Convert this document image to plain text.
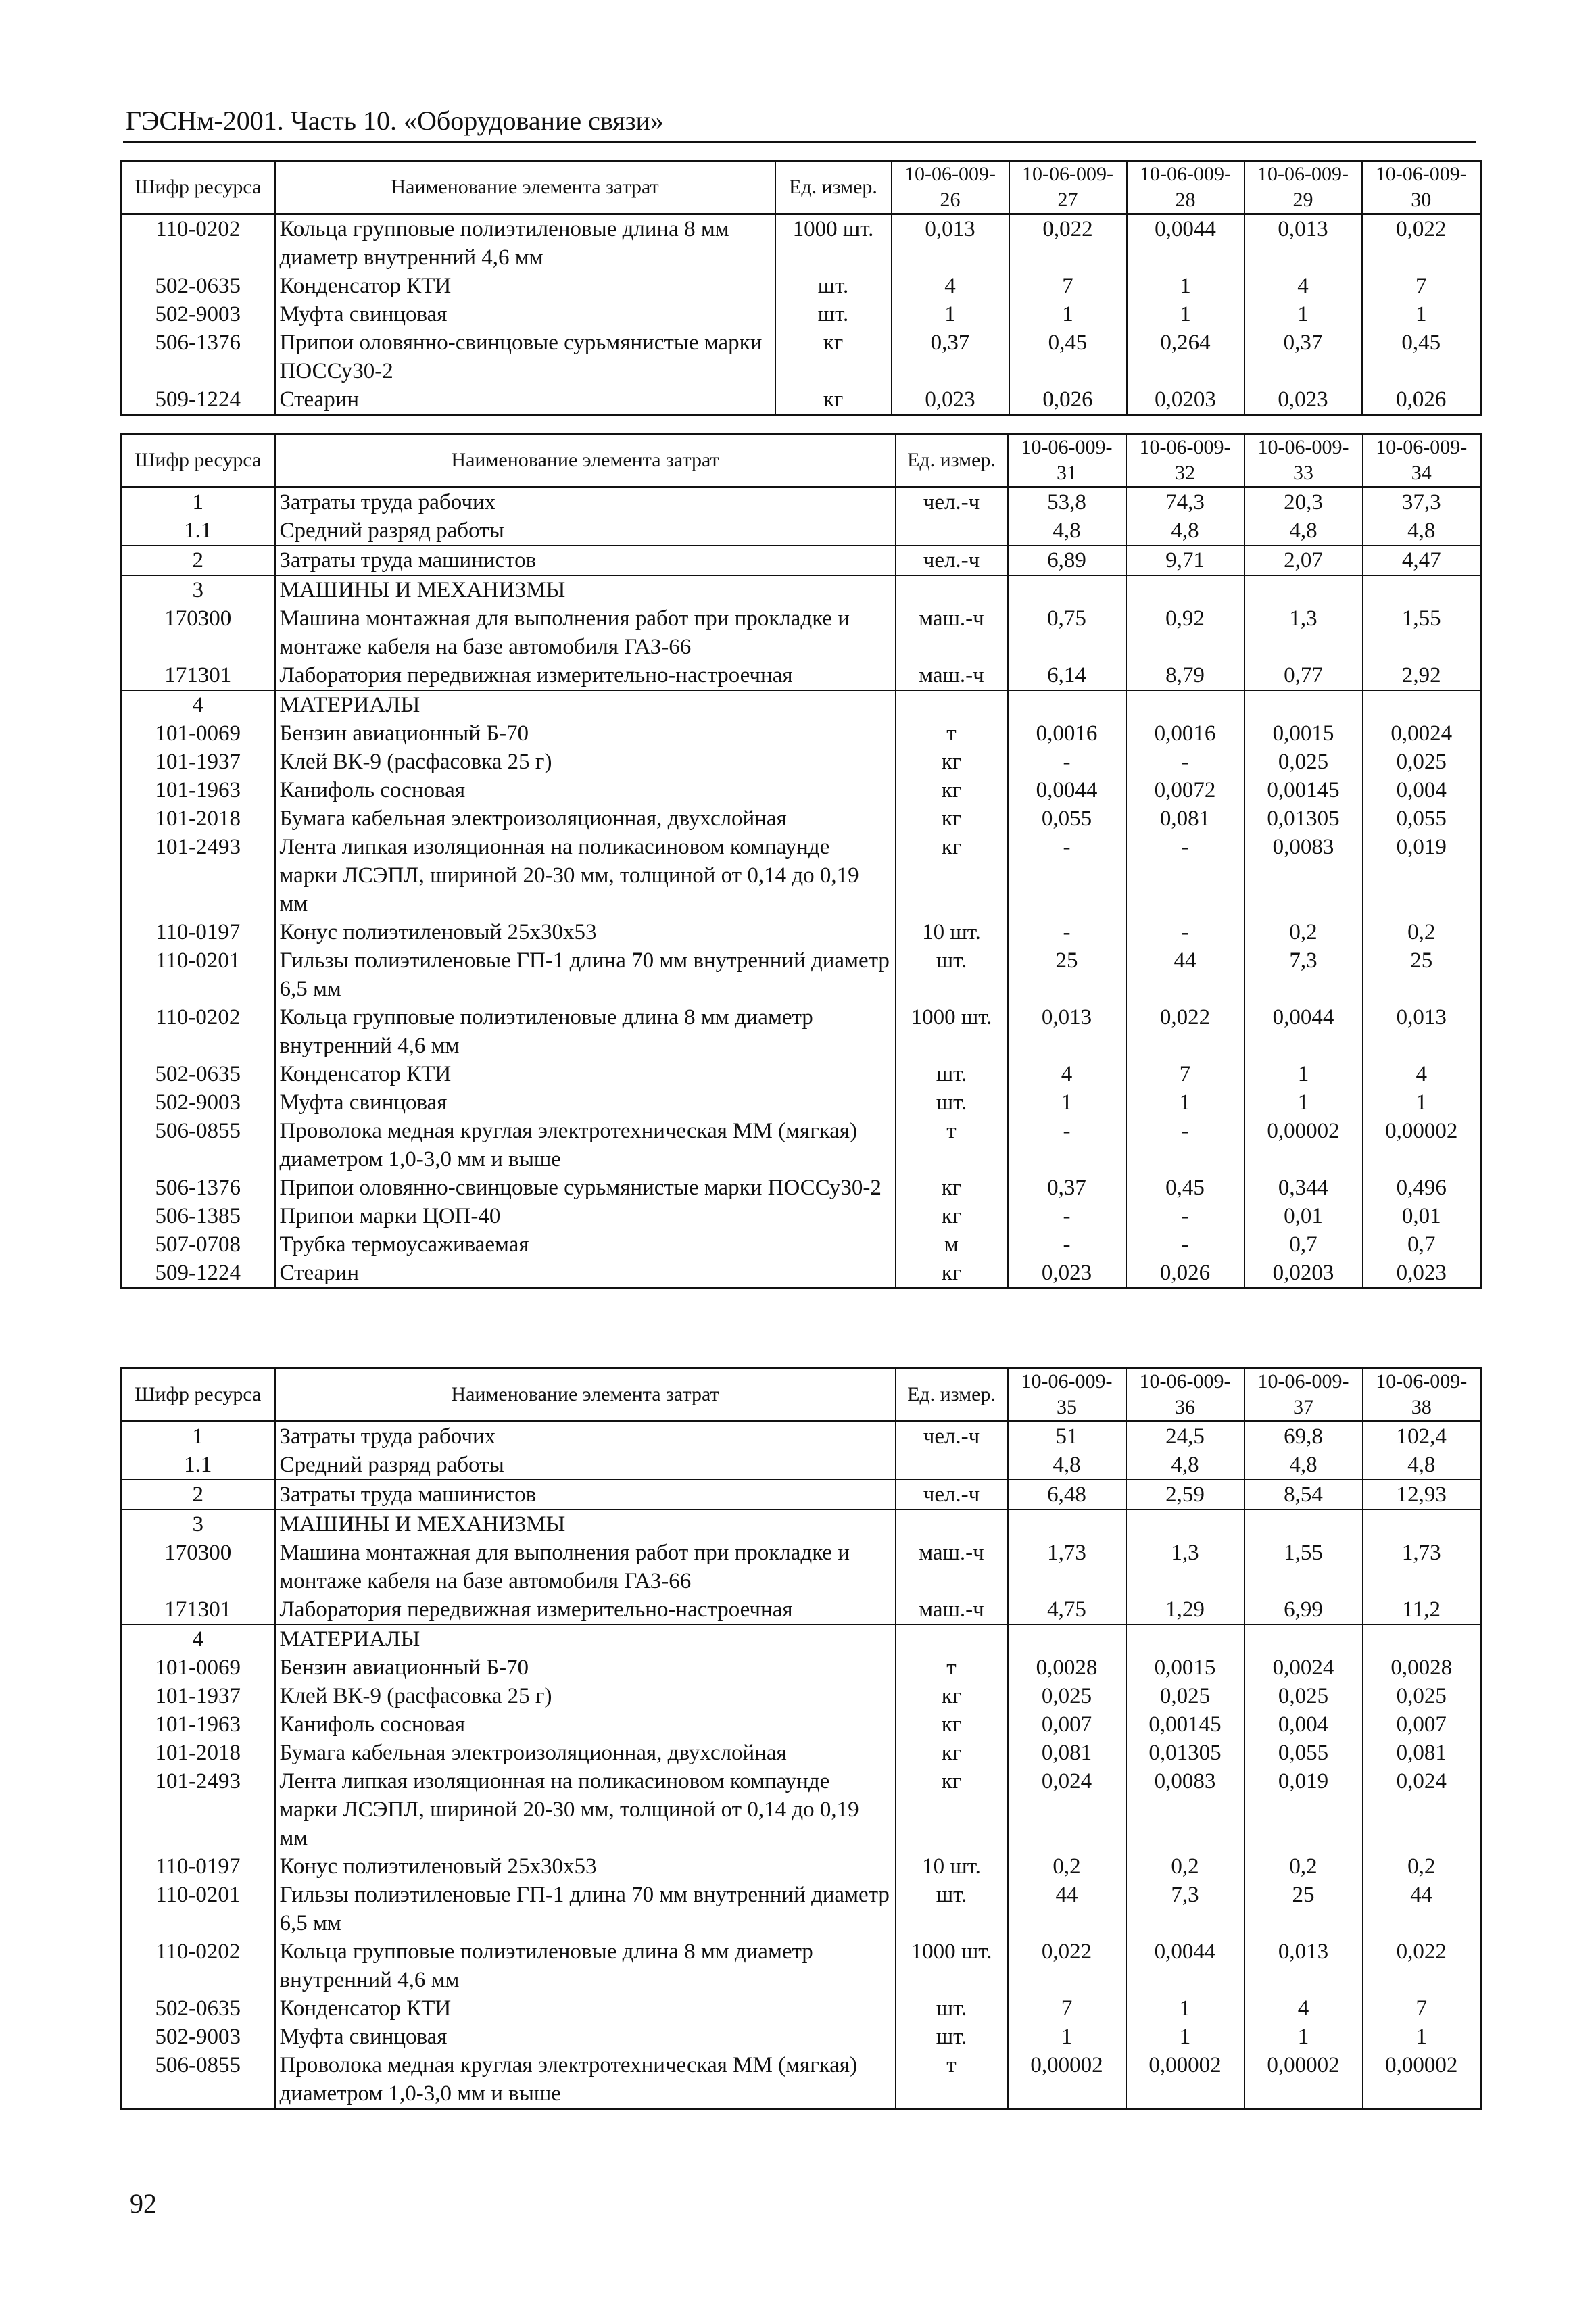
ГЭСНм-2001. Часть 10. «Оборудование связи»
Шифр ресурса	Наименование элемента затрат	Ед. измер.	10-06-009-26	10-06-009-27	10-06-009-28	10-06-009-29	10-06-009-30
110-0202	Кольца групповые полиэтиленовые длина 8 мм диаметр внутренний 4,6 мм	1000 шт.	0,013	0,022	0,0044	0,013	0,022
502-0635	Конденсатор КТИ	шт.	4	7	1	4	7
502-9003	Муфта свинцовая	шт.	1	1	1	1	1
506-1376	Припои оловянно-свинцовые сурьмянистые марки ПОССу30-2	кг	0,37	0,45	0,264	0,37	0,45
509-1224	Стеарин	кг	0,023	0,026	0,0203	0,023	0,026
Шифр ресурса	Наименование элемента затрат	Ед. измер.	10-06-009-31	10-06-009-32	10-06-009-33	10-06-009-34
1	Затраты труда рабочих	чел.-ч	53,8	74,3	20,3	37,3
1.1	Средний разряд работы		4,8	4,8	4,8	4,8
2	Затраты труда машинистов	чел.-ч	6,89	9,71	2,07	4,47
3	МАШИНЫ И МЕХАНИЗМЫ					
170300	Машина монтажная для выполнения работ при прокладке и монтаже кабеля на базе автомобиля ГАЗ-66	маш.-ч	0,75	0,92	1,3	1,55
171301	Лаборатория передвижная измерительно-настроечная	маш.-ч	6,14	8,79	0,77	2,92
4	МАТЕРИАЛЫ					
101-0069	Бензин авиационный Б-70	т	0,0016	0,0016	0,0015	0,0024
101-1937	Клей ВК-9 (расфасовка 25 г)	кг	-	-	0,025	0,025
101-1963	Канифоль сосновая	кг	0,0044	0,0072	0,00145	0,004
101-2018	Бумага кабельная электроизоляционная, двухслойная	кг	0,055	0,081	0,01305	0,055
101-2493	Лента липкая изоляционная на поликасиновом компаунде марки ЛСЭПЛ, шириной 20-30 мм, толщиной от 0,14 до 0,19 мм	кг	-	-	0,0083	0,019
110-0197	Конус полиэтиленовый 25х30х53	10 шт.	-	-	0,2	0,2
110-0201	Гильзы полиэтиленовые ГП-1 длина 70 мм внутренний диаметр 6,5 мм	шт.	25	44	7,3	25
110-0202	Кольца групповые полиэтиленовые длина 8 мм диаметр внутренний 4,6 мм	1000 шт.	0,013	0,022	0,0044	0,013
502-0635	Конденсатор КТИ	шт.	4	7	1	4
502-9003	Муфта свинцовая	шт.	1	1	1	1
506-0855	Проволока медная круглая электротехническая ММ (мягкая) диаметром 1,0-3,0 мм и выше	т	-	-	0,00002	0,00002
506-1376	Припои оловянно-свинцовые сурьмянистые марки ПОССу30-2	кг	0,37	0,45	0,344	0,496
506-1385	Припои марки ЦОП-40	кг	-	-	0,01	0,01
507-0708	Трубка термоусаживаемая	м	-	-	0,7	0,7
509-1224	Стеарин	кг	0,023	0,026	0,0203	0,023
Шифр ресурса	Наименование элемента затрат	Ед. измер.	10-06-009-35	10-06-009-36	10-06-009-37	10-06-009-38
1	Затраты труда рабочих	чел.-ч	51	24,5	69,8	102,4
1.1	Средний разряд работы		4,8	4,8	4,8	4,8
2	Затраты труда машинистов	чел.-ч	6,48	2,59	8,54	12,93
3	МАШИНЫ И МЕХАНИЗМЫ					
170300	Машина монтажная для выполнения работ при прокладке и монтаже кабеля на базе автомобиля ГАЗ-66	маш.-ч	1,73	1,3	1,55	1,73
171301	Лаборатория передвижная измерительно-настроечная	маш.-ч	4,75	1,29	6,99	11,2
4	МАТЕРИАЛЫ					
101-0069	Бензин авиационный Б-70	т	0,0028	0,0015	0,0024	0,0028
101-1937	Клей ВК-9 (расфасовка 25 г)	кг	0,025	0,025	0,025	0,025
101-1963	Канифоль сосновая	кг	0,007	0,00145	0,004	0,007
101-2018	Бумага кабельная электроизоляционная, двухслойная	кг	0,081	0,01305	0,055	0,081
101-2493	Лента липкая изоляционная на поликасиновом компаунде марки ЛСЭПЛ, шириной 20-30 мм, толщиной от 0,14 до 0,19 мм	кг	0,024	0,0083	0,019	0,024
110-0197	Конус полиэтиленовый 25х30х53	10 шт.	0,2	0,2	0,2	0,2
110-0201	Гильзы полиэтиленовые ГП-1 длина 70 мм внутренний диаметр 6,5 мм	шт.	44	7,3	25	44
110-0202	Кольца групповые полиэтиленовые длина 8 мм диаметр внутренний 4,6 мм	1000 шт.	0,022	0,0044	0,013	0,022
502-0635	Конденсатор КТИ	шт.	7	1	4	7
502-9003	Муфта свинцовая	шт.	1	1	1	1
506-0855	Проволока медная круглая электротехническая ММ (мягкая) диаметром 1,0-3,0 мм и выше	т	0,00002	0,00002	0,00002	0,00002
92
